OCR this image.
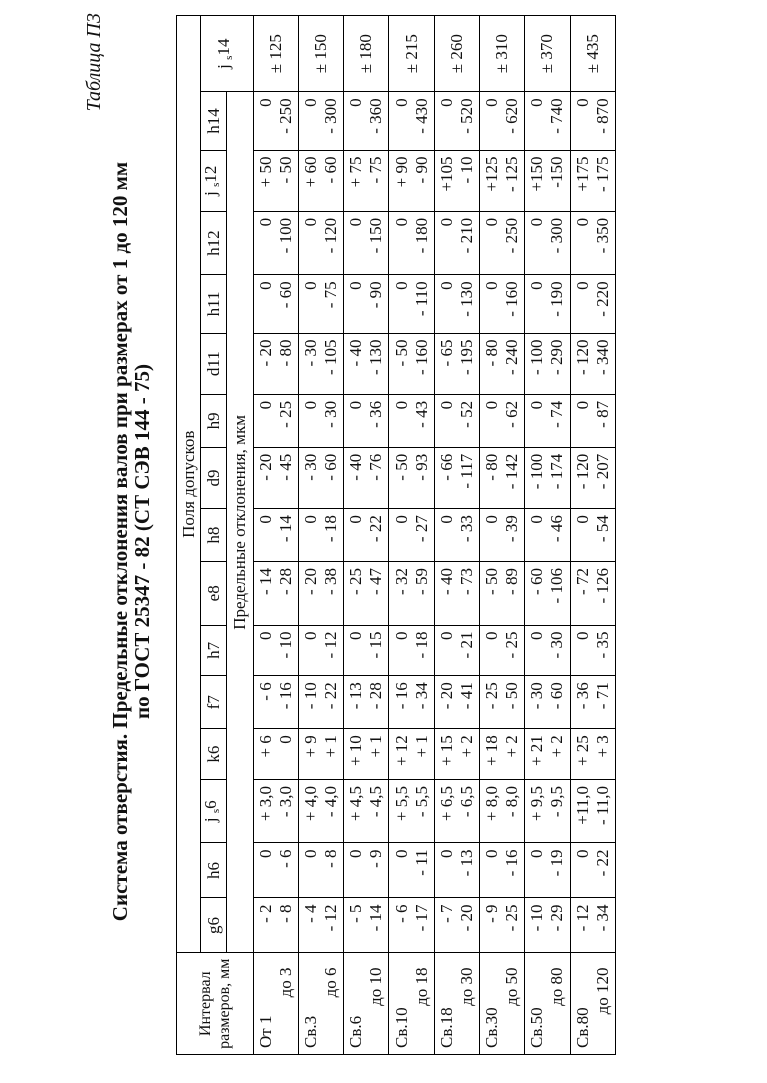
Таблица П3
Система отверстия. Предельные отклонения валов при размерах от 1 до 120 мм
по ГОСТ 25347 - 82 (СТ СЭВ 144 - 75)
Интервал размеров, мм	Поля допусков															
	g6	h6	j $_s$6	k6	f7	h7	e8	h8	d9	h9	d11	h11	h12	j $_s$12	h14	j $_s$14
	Предельные отклонения, мкм															

От 1
до 3	- 2 - 8	0 - 6	+ 3,0 - 3,0	+ 6 0	- 6 - 16	0 - 10	- 14 - 28	0 - 14	- 20 - 45	0 - 25	- 20 - 80	0 - 60	0 - 100	+ 50 - 50	0 - 250	± 125

Св.3
до 6	- 4 - 12	0 - 8	+ 4,0 - 4,0	+ 9 + 1	- 10 - 22	0 - 12	- 20 - 38	0 - 18	- 30 - 60	0 - 30	- 30 - 105	0 - 75	0 - 120	+ 60 - 60	0 - 300	± 150

Св.6
до 10	- 5 - 14	0 - 9	+ 4,5 - 4,5	+ 10 + 1	- 13 - 28	0 - 15	- 25 - 47	0 - 22	- 40 - 76	0 - 36	- 40 - 130	0 - 90	0 - 150	+ 75 - 75	0 - 360	± 180

Св.10
до 18	- 6 - 17	0 - 11	+ 5,5 - 5,5	+ 12 + 1	- 16 - 34	0 - 18	- 32 - 59	0 - 27	- 50 - 93	0 - 43	- 50 - 160	0 - 110	0 - 180	+ 90 - 90	0 - 430	± 215

Св.18
до 30	- 7 - 20	0 - 13	+ 6,5 - 6,5	+ 15 + 2	- 20 - 41	0 - 21	- 40 - 73	0 - 33	- 66 - 117	0 - 52	- 65 - 195	0 - 130	0 - 210	+105 - 10	0 - 520	± 260

Св.30
до 50	- 9 - 25	0 - 16	+ 8,0 - 8,0	+ 18 + 2	- 25 - 50	0 - 25	- 50 - 89	0 - 39	- 80 - 142	0 - 62	- 80 - 240	0 - 160	0 - 250	+125 - 125	0 - 620	± 310

Св.50
до 80	- 10 - 29	0 - 19	+ 9,5 - 9,5	+ 21 + 2	- 30 - 60	0 - 30	- 60 - 106	0 - 46	- 100 - 174	0 - 74	- 100 - 290	0 - 190	0 - 300	+150 -150	0 - 740	± 370

Св.80
до 120	- 12 - 34	0 - 22	+11,0 - 11,0	+ 25 + 3	- 36 - 71	0 - 35	- 72 - 126	0 - 54	- 120 - 207	0 - 87	- 120 - 340	0 - 220	0 - 350	+175 - 175	0 - 870	± 435
